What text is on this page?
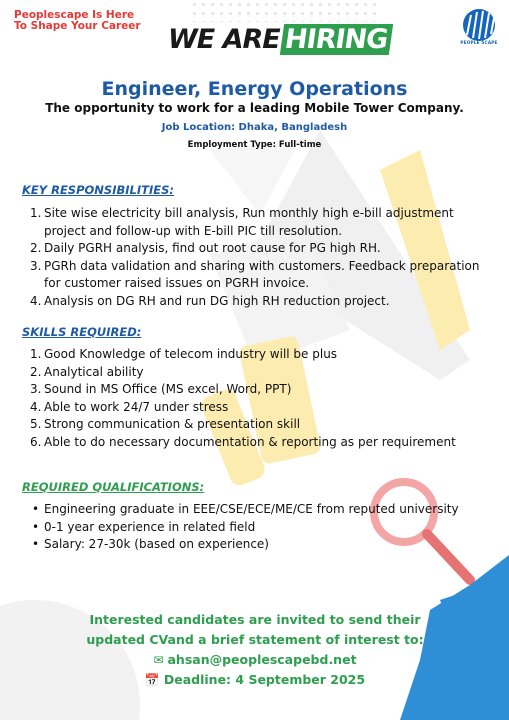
Peoplescape Is Here
To Shape Your Career
PEOPLE SCAPE
WE ARE HIRING
Engineer, Energy Operations
The opportunity to work for a leading Mobile Tower Company.
Job Location: Dhaka, Bangladesh
Employment Type: Full-time
KEY RESPONSIBILITIES:
1. Site wise electricity bill analysis, Run monthly high e-bill adjustment project and follow-up with E-bill PIC till resolution.
2. Daily PGRH analysis, find out root cause for PG high RH.
3. PGRh data validation and sharing with customers. Feedback preparation for customer raised issues on PGRH invoice.
4. Analysis on DG RH and run DG high RH reduction project.
SKILLS REQUIRED:
1. Good Knowledge of telecom industry will be plus
2. Analytical ability
3. Sound in MS Office (MS excel, Word, PPT)
4. Able to work 24/7 under stress
5. Strong communication & presentation skill
6. Able to do necessary documentation & reporting as per requirement
REQUIRED QUALIFICATIONS:
• Engineering graduate in EEE/CSE/ECE/ME/CE from reputed university
• 0-1 year experience in related field
• Salary: 27-30k (based on experience)
Interested candidates are invited to send their
updated CVand a brief statement of interest to:
✉ ahsan@peoplescapebd.net
📅 Deadline: 4 September 2025
